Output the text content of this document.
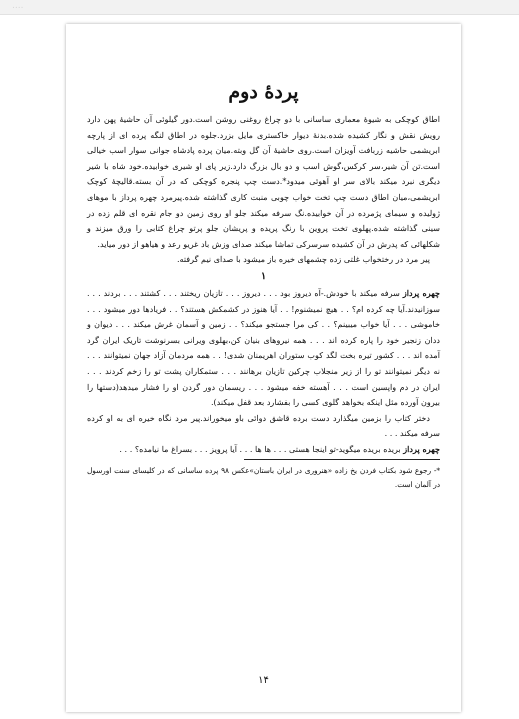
....
پردۀ دوم

اطاق کوچکی به شیوۀ معماری ساسانی با دو چراغ روغنی روشن است.دور گیلوئی آن حاشیۀ پهن دارد رویش نقش و نگار کشیده شده.بدنۀ دیوار خاکستری مایل بزرد.جلوه در اطاق لنگه پرده ای از پارچه ابریشمی حاشیه زربافت آویزان است.روی حاشیۀ آن گل وبته.میان پرده پادشاه جوانی سوار اسب خیالی است.تن آن شیر،سر کرکس،گوش اسب و دو بال بزرگ دارد.زیر پای او شیری خوابیده.خود شاه با شیر دیگری نبرد میکند بالای سر او آهوئی میدود*.دست چپ پنجره کوچکی که در آن بسته.قالیچۀ کوچک ابریشمی،میان اطاق دست چپ تخت خواب چوبی منبت کاری گذاشته شده.پیرمرد چهره پرداز با موهای ژولیده و سیمای پژمرده در آن خوابیده.نگ سرفه میکند جلو او روی زمین دو جام نقره ای قلم زده در سینی گذاشته شده.پهلوی تخت پروین با رنگ پریده و پریشان جلو پرتو چراغ کتابی را ورق میزند و شکلهائی که پدرش در آن کشیده سرسرکی تماشا میکند صدای وزش باد غریو رعد و هیاهو از دور میاید.

پیر مرد در رختخواب غلتی زده چشمهای خیره باز میشود با صدای نیم گرفته.

۱

چهره پرداز سرفه میکند با خودش.-آه دیروز بود . . . دیروز . . . تازیان ریختند . . . کشتند . . . بردند . . . سوزانیدند.آیا چه کرده ام؟ . . هیچ نمیشنوم! . . آیا هنوز در کشمکش هستند؟ . . فریادها دور میشود . . . خاموشی . . . آیا خواب میبینم؟ . . کی مرا جستجو میکند؟ . . زمین و آسمان غرش میکند . . . دیوان و ددان زنجیر خود را پاره کرده اند . . . همه نیروهای بنیان کن،بهلوی ویرانی بسرنوشت تاریک ایران گرد آمده اند . . . کشور تیره بخت لگد کوب ستوران اهریمنان شدی! . . همه مردمان آزاد جهان نمیتوانند . . . نه دیگر نمیتوانند تو را از زیر منجلاب چرکین تازیان برهانند . . . ستمکاران پشت تو را زخم کردند . . . ایران در دم واپسین است . . . آهسته خفه میشود . . . ریسمان دور گردن او را فشار میدهد(دستها را بیرون آورده مثل اینکه بخواهد گلوی کسی را بفشارد بعد قفل میکند).

دختر کتاب را بزمین میگذارد دست برده قاشق دوائی باو میخوراند.پیر مرد نگاه خیره ای به او کرده سرفه میکند . . .

چهره پرداز بریده بریده میگوید-تو اینجا هستی . . . ها ها . . . آیا پرویز . . . بسراغ ما نیامده؟ . . .

*- رجوع شود بکتاب فردن یخ زاده «هنروری در ایران باستان»عکس ۹۸ پرده ساسانی که در کلیسای سنت اورسول در آلمان است.

۱۴
